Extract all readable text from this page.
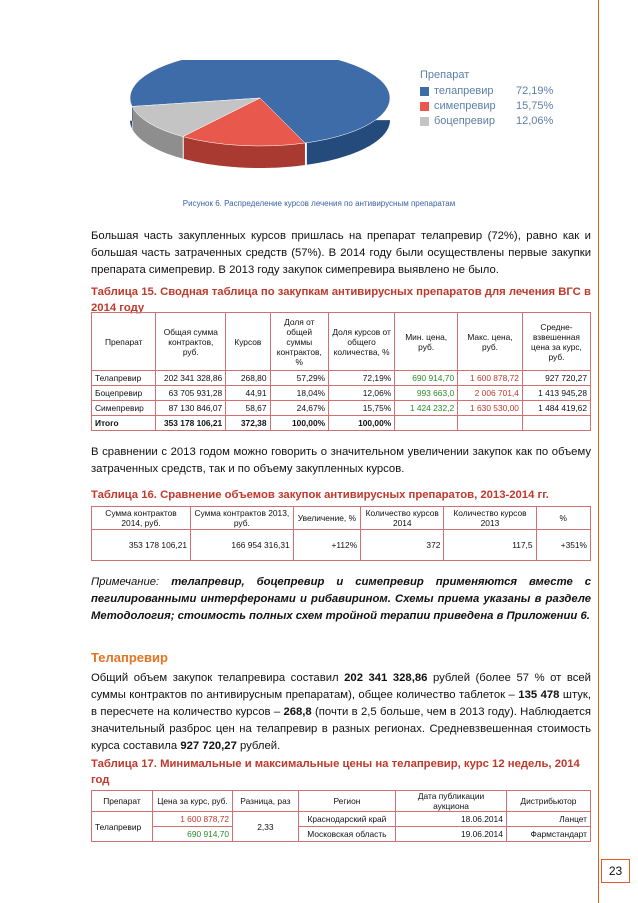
Препарат
телапревир	72,19%
симепревир	15,75%
боцепревир	12,06%
Рисунок 6. Распределение курсов лечения по антивирусным препаратам
Большая часть закупленных курсов пришлась на препарат телапревир (72%), равно как и большая часть затраченных средств (57%). В 2014 году были осуществлены первые закупки препарата симепревир. В 2013 году закупок симепревира выявлено не было.
Таблица 15. Сводная таблица по закупкам антивирусных препаратов для лечения ВГС в 2014 году
Препарат	Общая сумма контрактов, руб.	Курсов	Доля от общей суммы контрактов, %	Доля курсов от общего количества, %	Мин. цена, руб.	Макс. цена, руб.	Средне-взвешенная цена за курс, руб.
Телапревир	202 341 328,86	268,80	57,29%	72,19%	690 914,70	1 600 878,72	927 720,27
Боцепревир	63 705 931,28	44,91	18,04%	12,06%	993 663,0	2 006 701,4	1 413 945,28
Симепревир	87 130 846,07	58,67	24,67%	15,75%	1 424 232,2	1 630 530,00	1 484 419,62
Итого	353 178 106,21	372,38	100,00%	100,00%			
В сравнении с 2013 годом можно говорить о значительном увеличении закупок как по объему затраченных средств, так и по объему закупленных курсов.
Таблица 16. Сравнение объемов закупок антивирусных препаратов, 2013-2014 гг.
Сумма контрактов 2014, руб.	Сумма контрактов 2013, руб.	Увеличение, %	Количество курсов 2014	Количество курсов 2013	%
353 178 106,21	166 954 316,31	+112%	372	117,5	+351%
Примечание: телапревир, боцепревир и симепревир применяются вместе с пегилированными интерферонами и рибавирином. Схемы приема указаны в разделе Методология; стоимость полных схем тройной терапии приведена в Приложении 6.
Телапревир
Общий объем закупок телапревира составил 202 341 328,86 рублей (более 57 % от всей суммы контрактов по антивирусным препаратам), общее количество таблеток – 135 478 штук, в пересчете на количество курсов – 268,8 (почти в 2,5 больше, чем в 2013 году). Наблюдается значительный разброс цен на телапревир в разных регионах. Средневзвешенная стоимость курса составила 927 720,27 рублей.
Таблица 17. Минимальные и максимальные цены на телапревир, курс 12 недель, 2014 год
Препарат	Цена за курс, руб.	Разница, раз	Регион	Дата публикации аукциона	Дистрибьютор
Телапревир	1 600 878,72	2,33	Краснодарский край	18.06.2014	Ланцет
	690 914,70		Московская область	19.06.2014	Фармстандарт
23
